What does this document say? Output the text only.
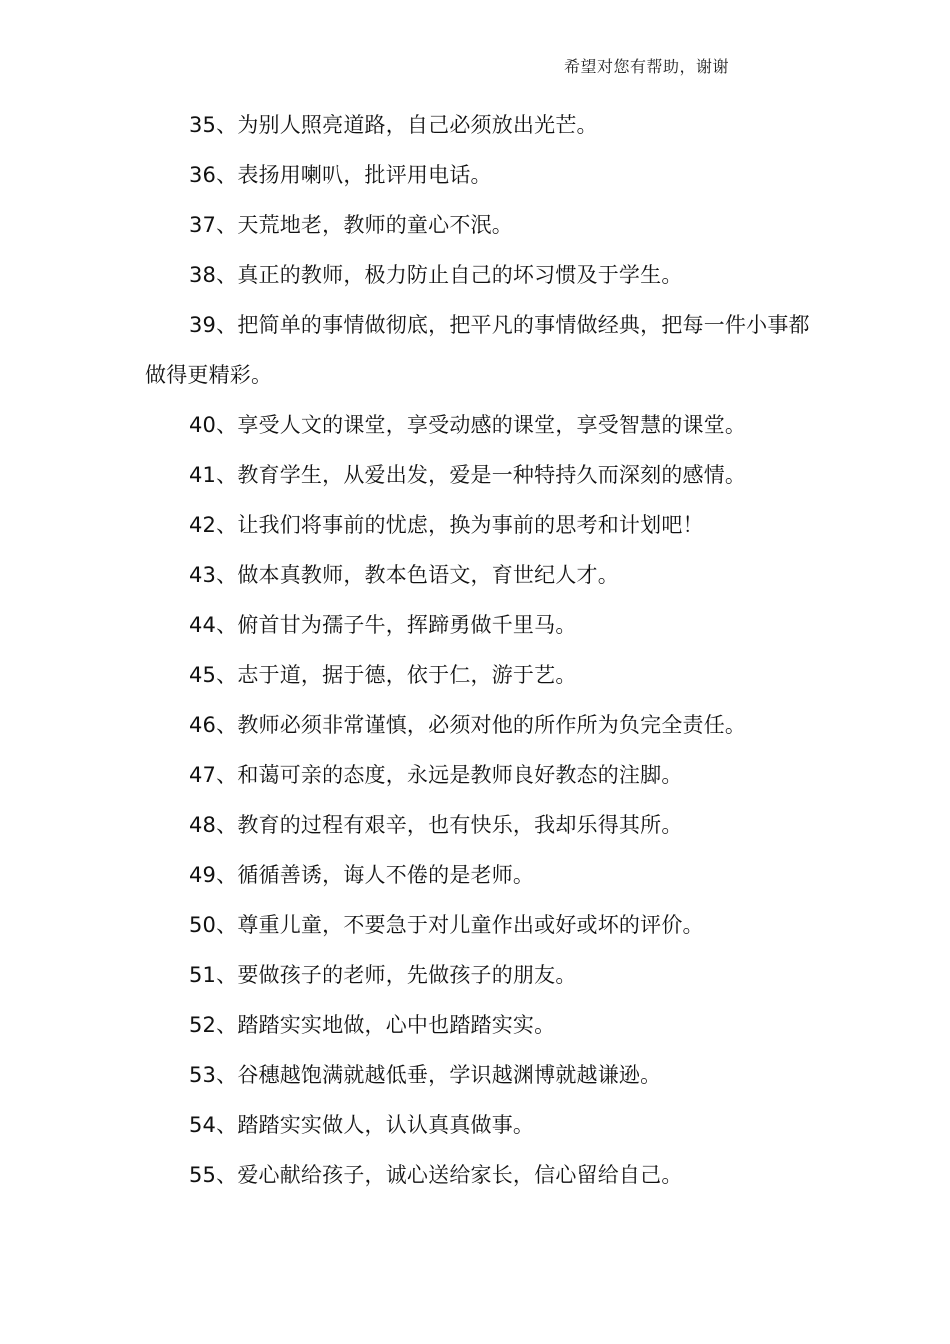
希望对您有帮助，谢谢

35、为别人照亮道路，自己必须放出光芒。

36、表扬用喇叭，批评用电话。

37、天荒地老，教师的童心不泯。

38、真正的教师，极力防止自己的坏习惯及于学生。

39、把简单的事情做彻底，把平凡的事情做经典，把每一件小事都做得更精彩。

40、享受人文的课堂，享受动感的课堂，享受智慧的课堂。

41、教育学生，从爱出发，爱是一种特持久而深刻的感情。

42、让我们将事前的忧虑，换为事前的思考和计划吧！

43、做本真教师，教本色语文，育世纪人才。

44、俯首甘为孺子牛，挥蹄勇做千里马。

45、志于道，据于德，依于仁，游于艺。

46、教师必须非常谨慎，必须对他的所作所为负完全责任。

47、和蔼可亲的态度，永远是教师良好教态的注脚。

48、教育的过程有艰辛，也有快乐，我却乐得其所。

49、循循善诱，诲人不倦的是老师。

50、尊重儿童，不要急于对儿童作出或好或坏的评价。

51、要做孩子的老师，先做孩子的朋友。

52、踏踏实实地做，心中也踏踏实实。

53、谷穗越饱满就越低垂，学识越渊博就越谦逊。

54、踏踏实实做人，认认真真做事。

55、爱心献给孩子，诚心送给家长，信心留给自己。
